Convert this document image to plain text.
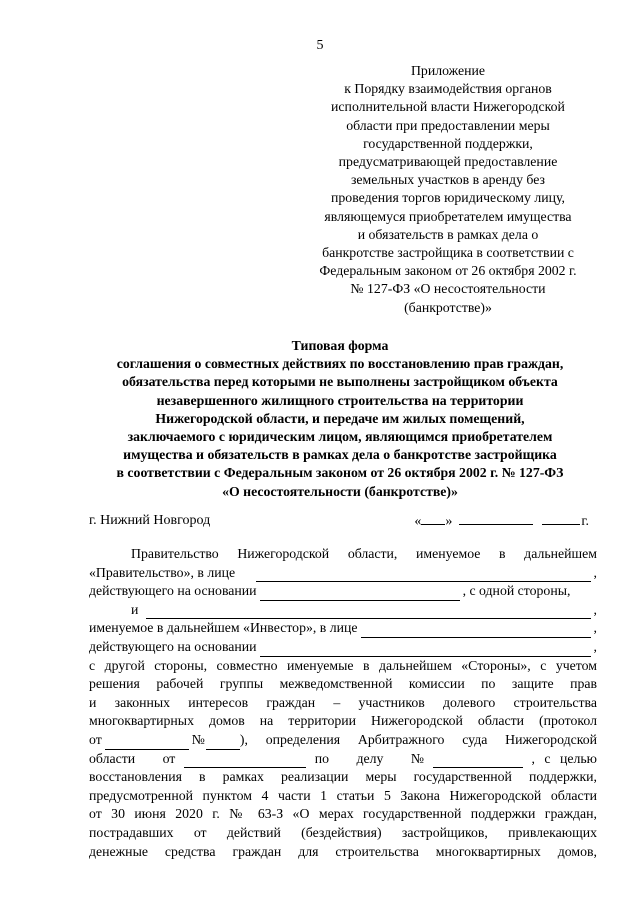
5
Приложение
к Порядку взаимодействия органов
исполнительной власти Нижегородской
области при предоставлении меры
государственной поддержки,
предусматривающей предоставление
земельных участков в аренду без
проведения торгов юридическому лицу,
являющемуся приобретателем имущества
и обязательств в рамках дела о
банкротстве застройщика в соответствии с
Федеральным законом от 26 октября 2002 г.
№ 127-ФЗ «О несостоятельности
(банкротстве)»
Типовая форма
соглашения о совместных действиях по восстановлению прав граждан,
обязательства перед которыми не выполнены застройщиком объекта
незавершенного жилищного строительства на территории
Нижегородской области, и передаче им жилых помещений,
заключаемого с юридическим лицом, являющимся приобретателем
имущества и обязательств в рамках дела о банкротстве застройщика
в соответствии с Федеральным законом от 26 октября 2002 г. № 127-ФЗ
«О несостоятельности (банкротстве)»
г. Нижний Новгород	« »	г.
Правительство Нижегородской области, именуемое в дальнейшем
«Правительство», в лице	,
действующего на основании	, с одной стороны,
и	,
именуемое в дальнейшем «Инвестор», в лице	,
действующего на основании	,
с другой стороны, совместно именуемые в дальнейшем «Стороны», с учетом
решения рабочей группы межведомственной комиссии по защите прав
и законных интересов граждан – участников долевого строительства
многоквартирных домов на территории Нижегородской области (протокол
от	№	), определения Арбитражного суда Нижегородской
области от	по делу №	, с целью
восстановления в рамках реализации меры государственной поддержки,
предусмотренной пунктом 4 части 1 статьи 5 Закона Нижегородской области
от 30 июня 2020 г. № 63-З «О мерах государственной поддержки граждан,
пострадавших от действий (бездействия) застройщиков, привлекающих
денежные средства граждан для строительства многоквартирных домов,
